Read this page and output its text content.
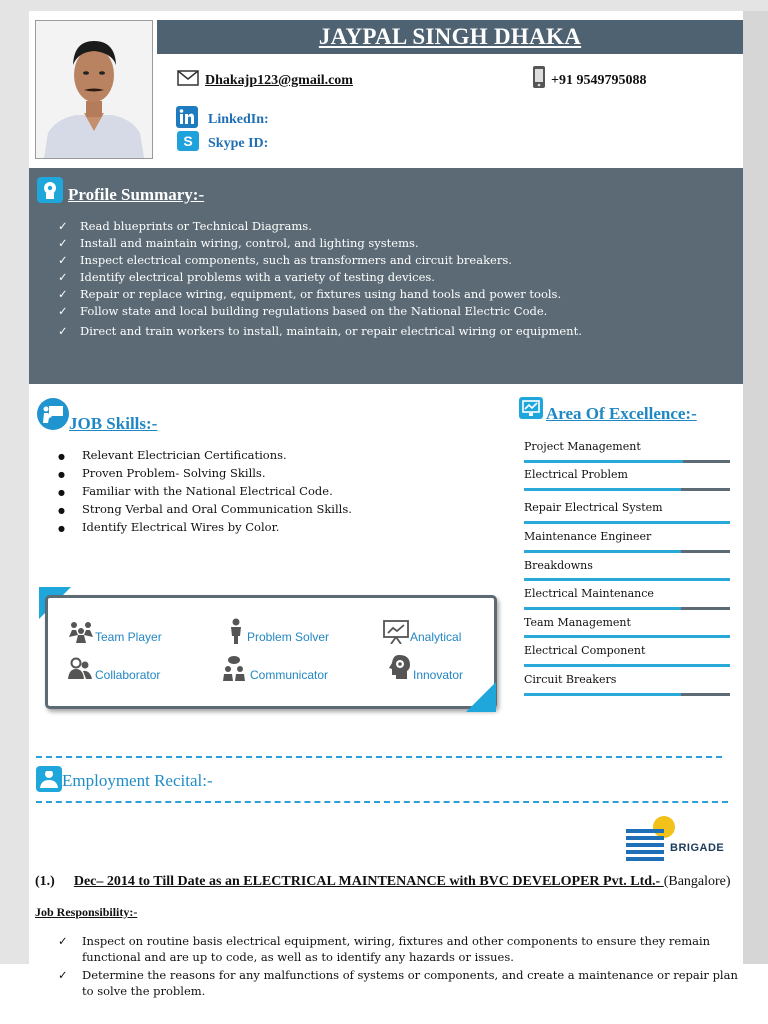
JAYPAL SINGH DHAKA
Dhakajp123@gmail.com	+91 9549795088
LinkedIn:
S Skype ID:
Profile Summary:-
✓ Read blueprints or Technical Diagrams.
✓ Install and maintain wiring, control, and lighting systems.
✓ Inspect electrical components, such as transformers and circuit breakers.
✓ Identify electrical problems with a variety of testing devices.
✓ Repair or replace wiring, equipment, or fixtures using hand tools and power tools.
✓ Follow state and local building regulations based on the National Electric Code.
✓ Direct and train workers to install, maintain, or repair electrical wiring or equipment.
JOB Skills:-
● Relevant Electrician Certifications.
● Proven Problem- Solving Skills.
● Familiar with the National Electrical Code.
● Strong Verbal and Oral Communication Skills.
● Identify Electrical Wires by Color.
Area Of Excellence:-
Project Management
Electrical Problem
Repair Electrical System
Maintenance Engineer
Breakdowns
Electrical Maintenance
Team Management
Electrical Component
Circuit Breakers
Team Player	Problem Solver	Analytical
Collaborator	Communicator	Innovator
Employment Recital:-
BRIGADE
(1.) Dec– 2014 to Till Date as an ELECTRICAL MAINTENANCE with BVC DEVELOPER Pvt. Ltd.- (Bangalore)
Job Responsibility:-
✓ Inspect on routine basis electrical equipment, wiring, fixtures and other components to ensure they remain functional and are up to code, as well as to identify any hazards or issues.
✓ Determine the reasons for any malfunctions of systems or components, and create a maintenance or repair plan to solve the problem.
